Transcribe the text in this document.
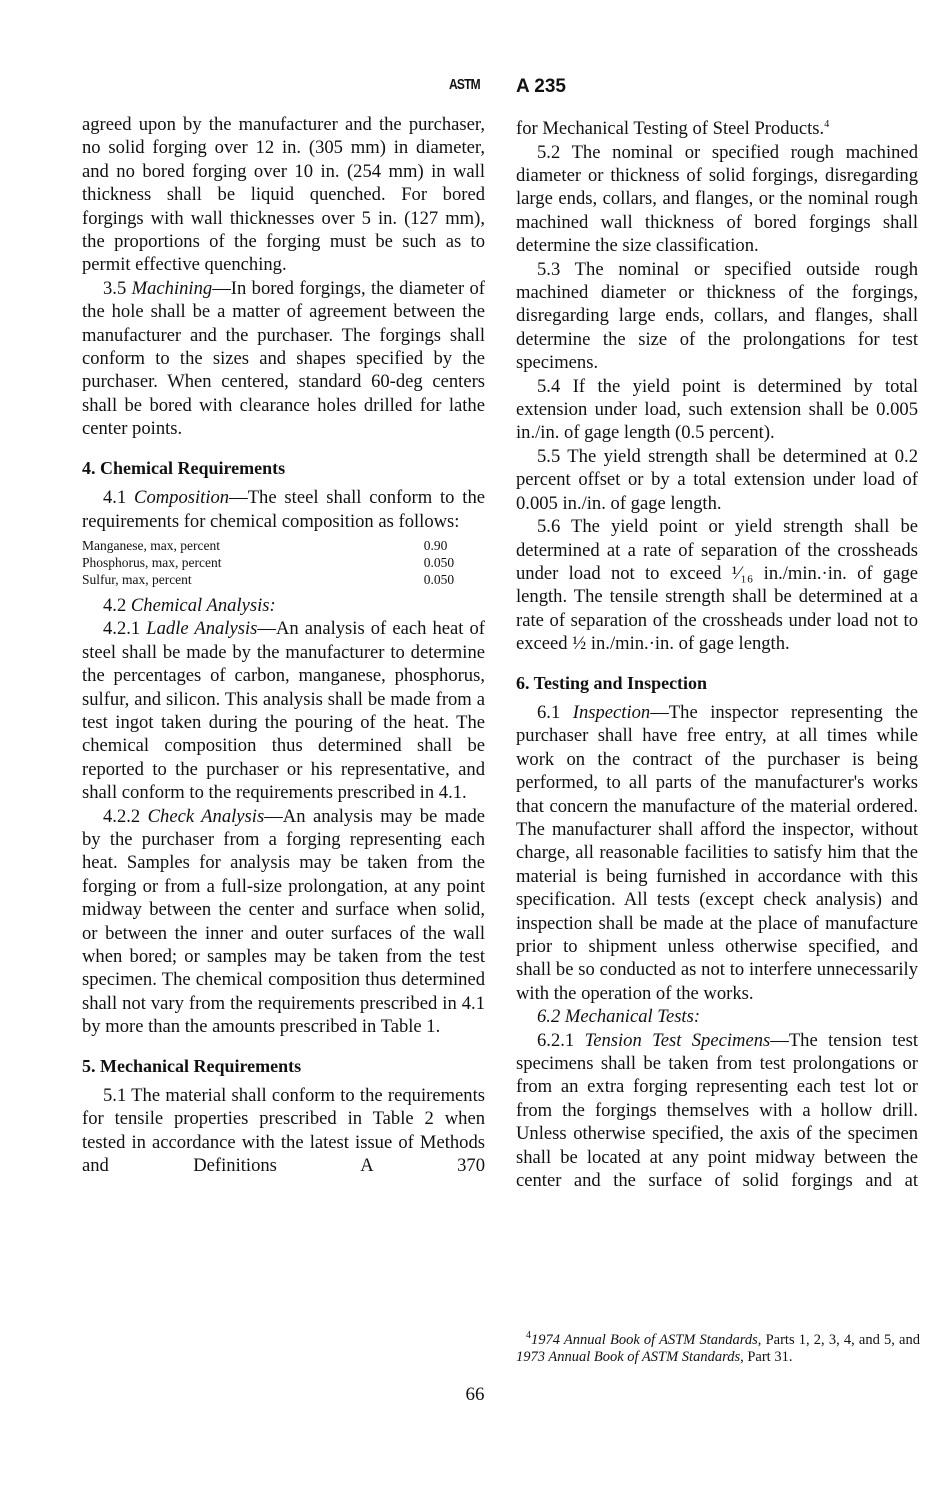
ASTM A 235

agreed upon by the manufacturer and the purchaser, no solid forging over 12 in. (305 mm) in diameter, and no bored forging over 10 in. (254 mm) in wall thickness shall be liquid quenched. For bored forgings with wall thicknesses over 5 in. (127 mm), the proportions of the forging must be such as to permit effective quenching.

3.5 Machining—In bored forgings, the diameter of the hole shall be a matter of agreement between the manufacturer and the purchaser. The forgings shall conform to the sizes and shapes specified by the purchaser. When centered, standard 60-deg centers shall be bored with clearance holes drilled for lathe center points.

4. Chemical Requirements

4.1 Composition—The steel shall conform to the requirements for chemical composition as follows:

Manganese, max, percent	0.90
Phosphorus, max, percent	0.050
Sulfur, max, percent	0.050

4.2 Chemical Analysis:

4.2.1 Ladle Analysis—An analysis of each heat of steel shall be made by the manufacturer to determine the percentages of carbon, manganese, phosphorus, sulfur, and silicon. This analysis shall be made from a test ingot taken during the pouring of the heat. The chemical composition thus determined shall be reported to the purchaser or his representative, and shall conform to the requirements prescribed in 4.1.

4.2.2 Check Analysis—An analysis may be made by the purchaser from a forging representing each heat. Samples for analysis may be taken from the forging or from a full-size prolongation, at any point midway between the center and surface when solid, or between the inner and outer surfaces of the wall when bored; or samples may be taken from the test specimen. The chemical composition thus determined shall not vary from the requirements prescribed in 4.1 by more than the amounts prescribed in Table 1.

5. Mechanical Requirements

5.1 The material shall conform to the requirements for tensile properties prescribed in Table 2 when tested in accordance with the latest issue of Methods and Definitions A 370

for Mechanical Testing of Steel Products.$^4$

5.2 The nominal or specified rough machined diameter or thickness of solid forgings, disregarding large ends, collars, and flanges, or the nominal rough machined wall thickness of bored forgings shall determine the size classification.

5.3 The nominal or specified outside rough machined diameter or thickness of the forgings, disregarding large ends, collars, and flanges, shall determine the size of the prolongations for test specimens.

5.4 If the yield point is determined by total extension under load, such extension shall be 0.005 in./in. of gage length (0.5 percent).

5.5 The yield strength shall be determined at 0.2 percent offset or by a total extension under load of 0.005 in./in. of gage length.

5.6 The yield point or yield strength shall be determined at a rate of separation of the crossheads under load not to exceed ¹⁄₁₆ in./min.·in. of gage length. The tensile strength shall be determined at a rate of separation of the crossheads under load not to exceed ½ in./min.·in. of gage length.

6. Testing and Inspection

6.1 Inspection—The inspector representing the purchaser shall have free entry, at all times while work on the contract of the purchaser is being performed, to all parts of the manufacturer's works that concern the manufacture of the material ordered. The manufacturer shall afford the inspector, without charge, all reasonable facilities to satisfy him that the material is being furnished in accordance with this specification. All tests (except check analysis) and inspection shall be made at the place of manufacture prior to shipment unless otherwise specified, and shall be so conducted as not to interfere unnecessarily with the operation of the works.

6.2 Mechanical Tests:

6.2.1 Tension Test Specimens—The tension test specimens shall be taken from test prolongations or from an extra forging representing each test lot or from the forgings themselves with a hollow drill. Unless otherwise specified, the axis of the specimen shall be located at any point midway between the center and the surface of solid forgings and at

$^4$1974 Annual Book of ASTM Standards, Parts 1, 2, 3, 4, and 5, and 1973 Annual Book of ASTM Standards, Part 31.
66
